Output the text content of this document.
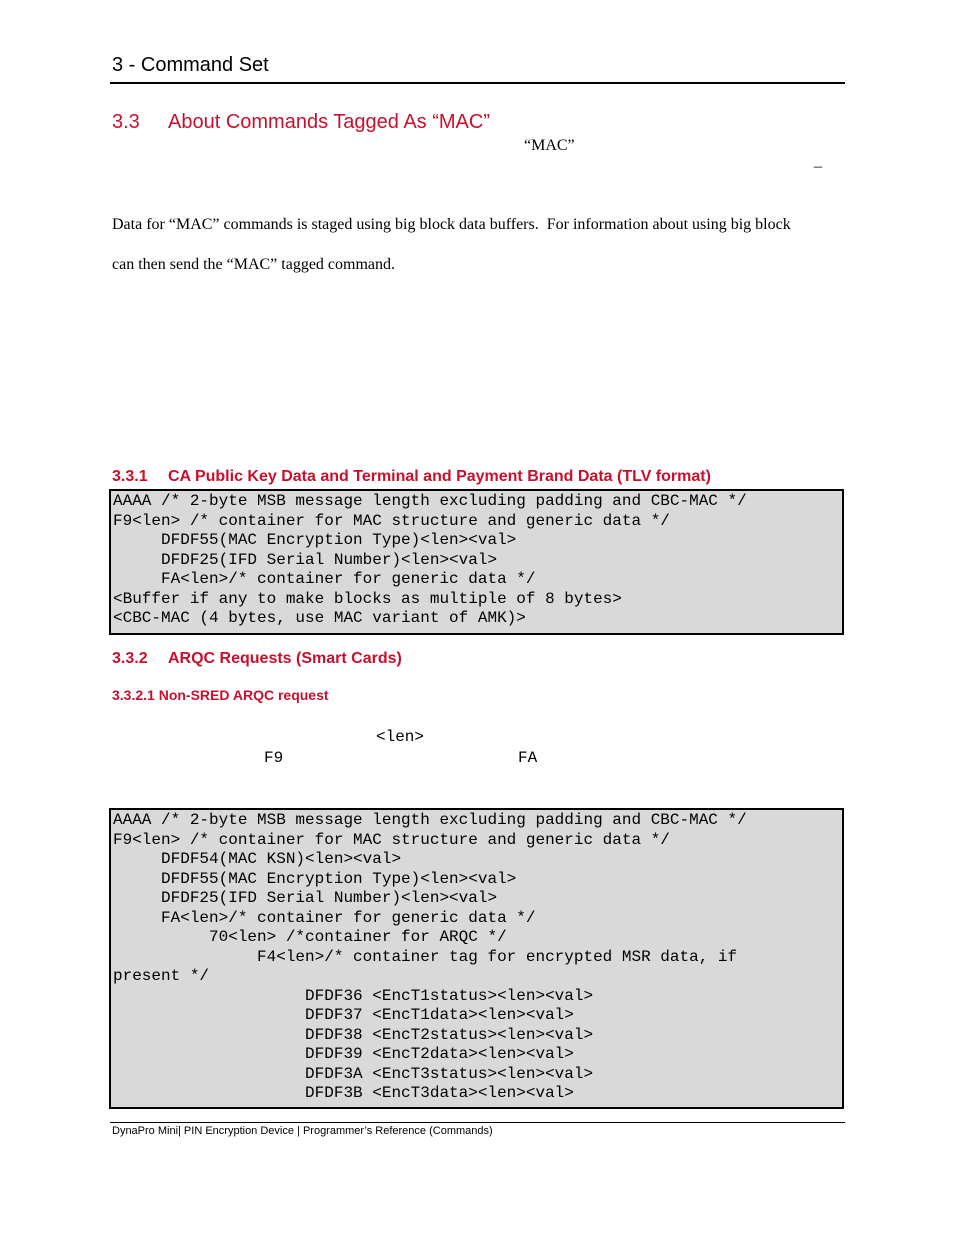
3 - Command Set
3.3 About Commands Tagged As “MAC”
“MAC”
–
Data for “MAC” commands is staged using big block data buffers.  For information about using big block
can then send the “MAC” tagged command.
3.3.1 CA Public Key Data and Terminal and Payment Brand Data (TLV format)
AAAA /* 2-byte MSB message length excluding padding and CBC-MAC */
F9<len> /* container for MAC structure and generic data */
DFDF55(MAC Encryption Type)<len><val>
DFDF25(IFD Serial Number)<len><val>
FA<len>/* container for generic data */
<Buffer if any to make blocks as multiple of 8 bytes>
<CBC-MAC (4 bytes, use MAC variant of AMK)>
3.3.2 ARQC Requests (Smart Cards)
3.3.2.1 Non-SRED ARQC request
<len>
F9	FA
AAAA /* 2-byte MSB message length excluding padding and CBC-MAC */
F9<len> /* container for MAC structure and generic data */
DFDF54(MAC KSN)<len><val>
DFDF55(MAC Encryption Type)<len><val>
DFDF25(IFD Serial Number)<len><val>
FA<len>/* container for generic data */
70<len> /*container for ARQC */
F4<len>/* container tag for encrypted MSR data, if
present */
DFDF36 <EncT1status><len><val>
DFDF37 <EncT1data><len><val>
DFDF38 <EncT2status><len><val>
DFDF39 <EncT2data><len><val>
DFDF3A <EncT3status><len><val>
DFDF3B <EncT3data><len><val>
DynaPro Mini| PIN Encryption Device | Programmer’s Reference (Commands)
